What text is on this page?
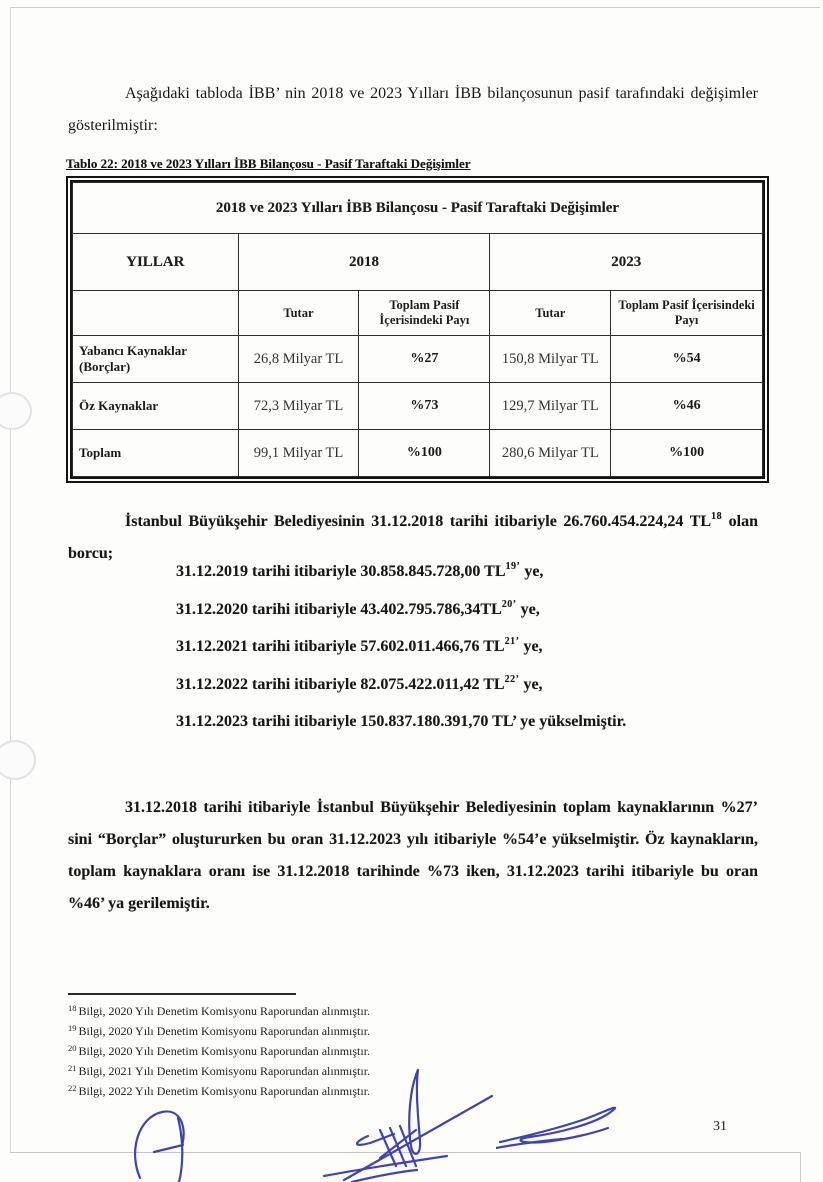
Aşağıdaki tabloda İBB’ nin 2018 ve 2023 Yılları İBB bilançosunun pasif tarafındaki değişimler gösterilmiştir:

Tablo 22: 2018 ve 2023 Yılları İBB Bilançosu - Pasif Taraftaki Değişimler
2018 ve 2023 Yılları İBB Bilançosu - Pasif Taraftaki Değişimler				
YILLAR	2018		2023	
	Tutar	Toplam Pasif İçerisindeki Payı	Tutar	Toplam Pasif İçerisindeki Payı
Yabancı Kaynaklar (Borçlar)	26,8 Milyar TL	%27	150,8 Milyar TL	%54
Öz Kaynaklar	72,3 Milyar TL	%73	129,7 Milyar TL	%46
Toplam	99,1 Milyar TL	%100	280,6 Milyar TL	%100

İstanbul Büyükşehir Belediyesinin 31.12.2018 tarihi itibariyle 26.760.454.224,24 TL$^{18}$ olan borcu;

31.12.2019 tarihi itibariyle 30.858.845.728,00 TL$^{19’}$ ye,
31.12.2020 tarihi itibariyle 43.402.795.786,34TL$^{20’}$ ye,
31.12.2021 tarihi itibariyle 57.602.011.466,76 TL$^{21’}$ ye,
31.12.2022 tarihi itibariyle 82.075.422.011,42 TL$^{22’}$ ye,
31.12.2023 tarihi itibariyle 150.837.180.391,70 TL’ ye yükselmiştir.

31.12.2018 tarihi itibariyle İstanbul Büyükşehir Belediyesinin toplam kaynaklarının %27’ sini “Borçlar” oluştururken bu oran 31.12.2023 yılı itibariyle %54’e yükselmiştir. Öz kaynakların, toplam kaynaklara oranı ise 31.12.2018 tarihinde %73 iken, 31.12.2023 tarihi itibariyle bu oran %46’ ya gerilemiştir.

$^{18}$ Bilgi, 2020 Yılı Denetim Komisyonu Raporundan alınmıştır.
$^{19}$ Bilgi, 2020 Yılı Denetim Komisyonu Raporundan alınmıştır.
$^{20}$ Bilgi, 2020 Yılı Denetim Komisyonu Raporundan alınmıştır.
$^{21}$ Bilgi, 2021 Yılı Denetim Komisyonu Raporundan alınmıştır.
$^{22}$ Bilgi, 2022 Yılı Denetim Komisyonu Raporundan alınmıştır.
31
